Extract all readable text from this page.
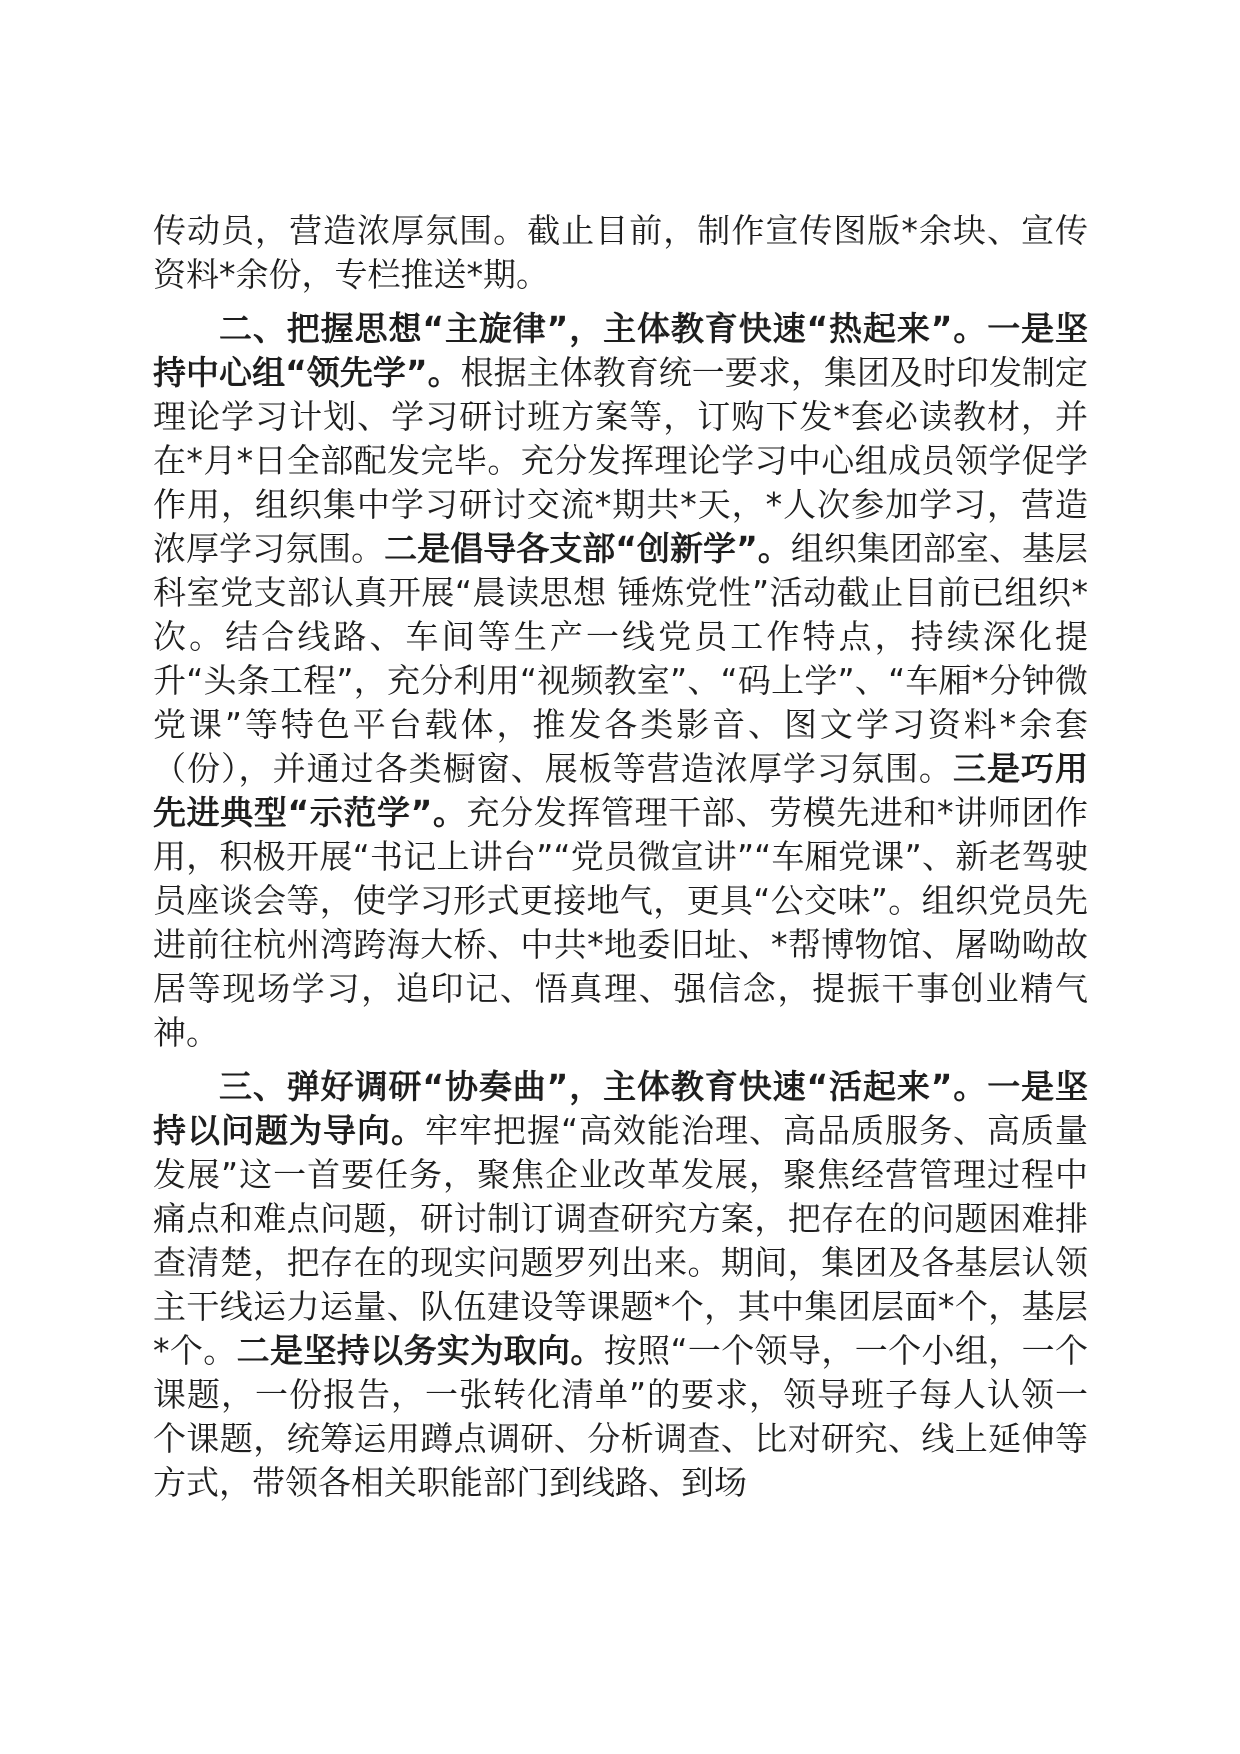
传动员，营造浓厚氛围。截止目前，制作宣传图版*余块、宣传资料*余份，专栏推送*期。

二、把握思想“主旋律”，主体教育快速“热起来”。一是坚持中心组“领先学”。根据主体教育统一要求，集团及时印发制定理论学习计划、学习研讨班方案等，订购下发*套必读教材，并在*月*日全部配发完毕。充分发挥理论学习中心组成员领学促学作用，组织集中学习研讨交流*期共*天，*人次参加学习，营造浓厚学习氛围。二是倡导各支部“创新学”。组织集团部室、基层科室党支部认真开展“晨读思想 锤炼党性”活动截止目前已组织*次。结合线路、车间等生产一线党员工作特点，持续深化提升“头条工程”，充分利用“视频教室”、“码上学”、“车厢*分钟微党课”等特色平台载体，推发各类影音、图文学习资料*余套（份），并通过各类橱窗、展板等营造浓厚学习氛围。三是巧用先进典型“示范学”。充分发挥管理干部、劳模先进和*讲师团作用，积极开展“书记上讲台”“党员微宣讲”“车厢党课”、新老驾驶员座谈会等，使学习形式更接地气，更具“公交味”。组织党员先进前往杭州湾跨海大桥、中共*地委旧址、*帮博物馆、屠呦呦故居等现场学习，追印记、悟真理、强信念，提振干事创业精气神。

三、弹好调研“协奏曲”，主体教育快速“活起来”。一是坚持以问题为导向。牢牢把握“高效能治理、高品质服务、高质量发展”这一首要任务，聚焦企业改革发展，聚焦经营管理过程中痛点和难点问题，研讨制订调查研究方案，把存在的问题困难排查清楚，把存在的现实问题罗列出来。期间，集团及各基层认领主干线运力运量、队伍建设等课题*个，其中集团层面*个，基层*个。二是坚持以务实为取向。按照“一个领导，一个小组，一个课题，一份报告，一张转化清单”的要求，领导班子每人认领一个课题，统筹运用蹲点调研、分析调查、比对研究、线上延伸等方式，带领各相关职能部门到线路、到场
